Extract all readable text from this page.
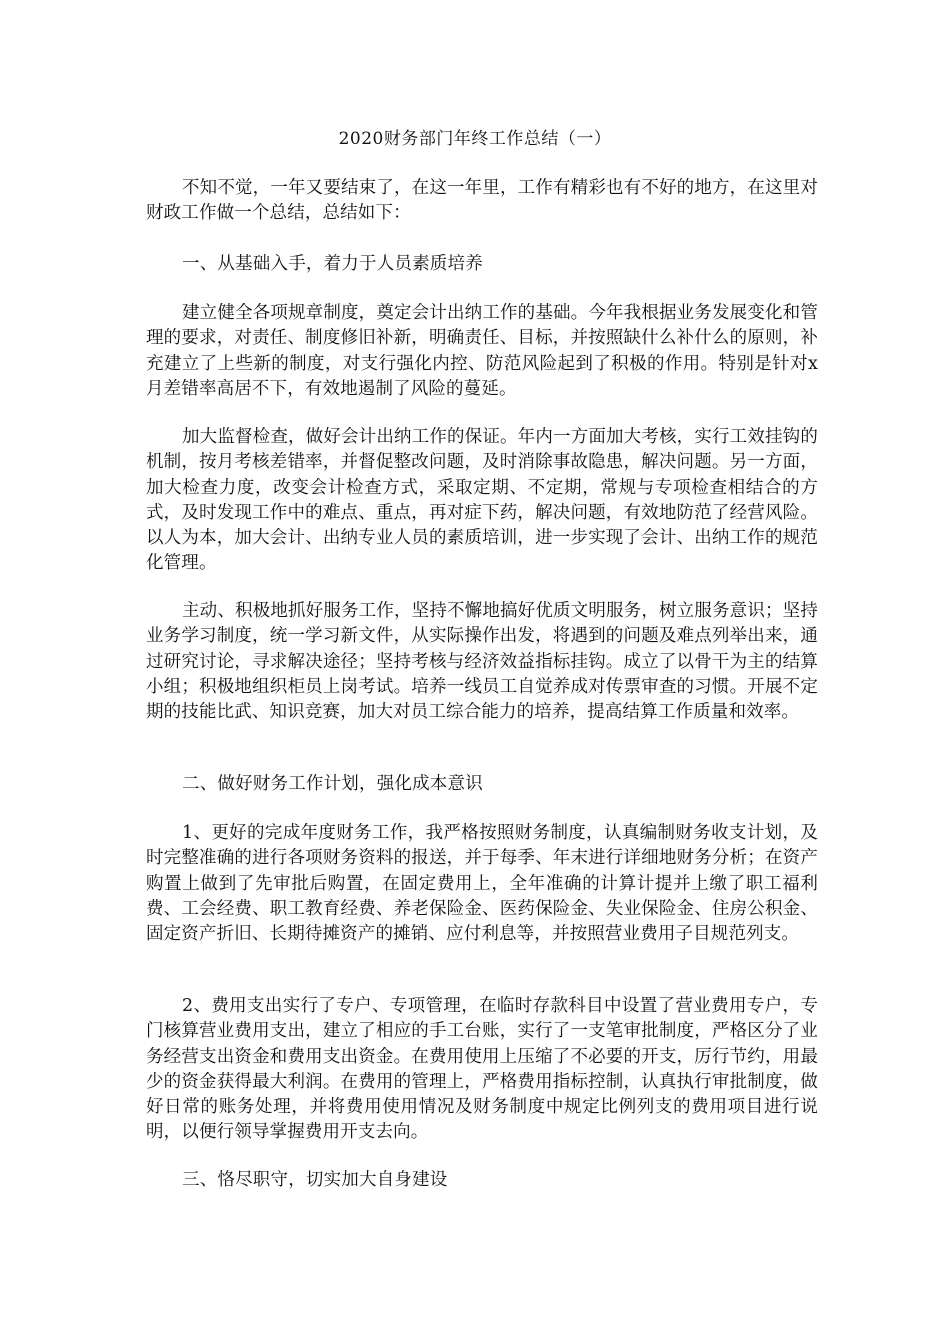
2020财务部门年终工作总结（一）

不知不觉，一年又要结束了，在这一年里，工作有精彩也有不好的地方，在这里对财政工作做一个总结，总结如下：

一、从基础入手，着力于人员素质培养

建立健全各项规章制度，奠定会计出纳工作的基础。今年我根据业务发展变化和管理的要求，对责任、制度修旧补新，明确责任、目标，并按照缺什么补什么的原则，补充建立了上些新的制度，对支行强化内控、防范风险起到了积极的作用。特别是针对x月差错率高居不下，有效地遏制了风险的蔓延。

加大监督检查，做好会计出纳工作的保证。年内一方面加大考核，实行工效挂钩的机制，按月考核差错率，并督促整改问题，及时消除事故隐患，解决问题。另一方面，加大检查力度，改变会计检查方式，采取定期、不定期，常规与专项检查相结合的方式，及时发现工作中的难点、重点，再对症下药，解决问题，有效地防范了经营风险。以人为本，加大会计、出纳专业人员的素质培训，进一步实现了会计、出纳工作的规范化管理。

主动、积极地抓好服务工作，坚持不懈地搞好优质文明服务，树立服务意识；坚持业务学习制度，统一学习新文件，从实际操作出发，将遇到的问题及难点列举出来，通过研究讨论，寻求解决途径；坚持考核与经济效益指标挂钩。成立了以骨干为主的结算小组；积极地组织柜员上岗考试。培养一线员工自觉养成对传票审查的习惯。开展不定期的技能比武、知识竞赛，加大对员工综合能力的培养，提高结算工作质量和效率。

二、做好财务工作计划，强化成本意识

1、更好的完成年度财务工作，我严格按照财务制度，认真编制财务收支计划，及时完整准确的进行各项财务资料的报送，并于每季、年末进行详细地财务分析；在资产购置上做到了先审批后购置，在固定费用上，全年准确的计算计提并上缴了职工福利费、工会经费、职工教育经费、养老保险金、医药保险金、失业保险金、住房公积金、固定资产折旧、长期待摊资产的摊销、应付利息等，并按照营业费用子目规范列支。

2、费用支出实行了专户、专项管理，在临时存款科目中设置了营业费用专户，专门核算营业费用支出，建立了相应的手工台账，实行了一支笔审批制度，严格区分了业务经营支出资金和费用支出资金。在费用使用上压缩了不必要的开支，厉行节约，用最少的资金获得最大利润。在费用的管理上，严格费用指标控制，认真执行审批制度，做好日常的账务处理，并将费用使用情况及财务制度中规定比例列支的费用项目进行说明，以便行领导掌握费用开支去向。

三、恪尽职守，切实加大自身建设
